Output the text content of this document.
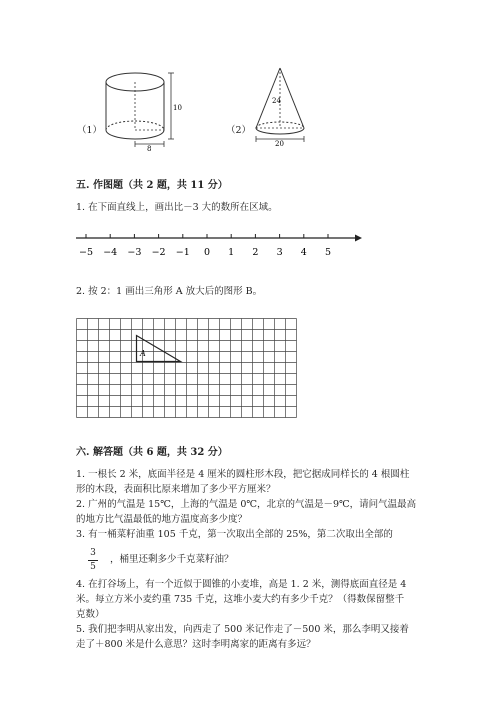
10
8
（1）
24
20
（2）
五. 作图题（共 2 题，共 11 分）
1. 在下面直线上，画出比－3 大的数所在区域。
−5 −4 −3 −2 −1 0 1 2 3 4 5
2. 按 2：1 画出三角形 A 放大后的图形 B。
A
六. 解答题（共 6 题，共 32 分）
1. 一根长 2 米，底面半径是 4 厘米的圆柱形木段，把它据成同样长的 4 根圆柱
形的木段，表面积比原来增加了多少平方厘米？
2. 广州的气温是 15℃，上海的气温是 0℃，北京的气温是－9℃，请问气温最高
的地方比气温最低的地方温度高多少度？
3. 有一桶菜籽油重 105 千克，第一次取出全部的 25%，第二次取出全部的
3
5
，桶里还剩多少千克菜籽油？
4. 在打谷场上，有一个近似于圆锥的小麦堆，高是 1. 2 米，测得底面直径是 4
米。每立方米小麦约重 735 千克，这堆小麦大约有多少千克？（得数保留整千
克数）
5. 我们把李明从家出发，向西走了 500 米记作走了－500 米，那么李明又接着
走了＋800 米是什么意思？这时李明离家的距离有多远？
